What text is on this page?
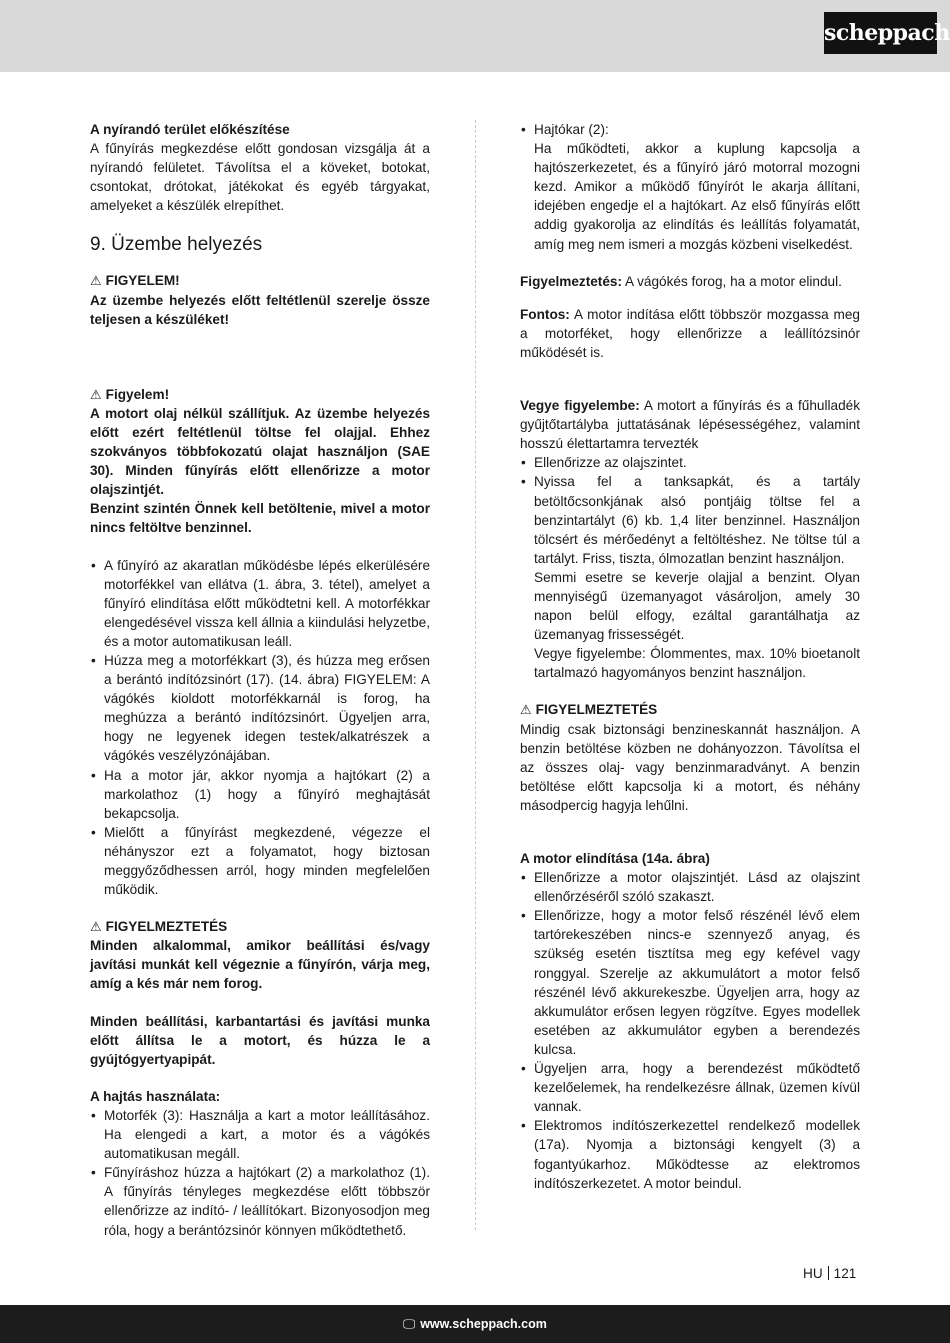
scheppach

A nyírandó terület előkészítése

A fűnyírás megkezdése előtt gondosan vizsgálja át a nyírandó felületet. Távolítsa el a köveket, botokat, csontokat, drótokat, játékokat és egyéb tárgyakat, amelyeket a készülék elrepíthet.

9. Üzembe helyezés

⚠ FIGYELEM!

Az üzembe helyezés előtt feltétlenül szerelje össze teljesen a készüléket!

⚠ Figyelem!

A motort olaj nélkül szállítjuk. Az üzembe helyezés előtt ezért feltétlenül töltse fel olajjal. Ehhez szokványos többfokozatú olajat használjon (SAE 30). Minden fűnyírás előtt ellenőrizze a motor olajszintjét.

Benzint szintén Önnek kell betöltenie, mivel a motor nincs feltöltve benzinnel.

• A fűnyíró az akaratlan működésbe lépés elkerülésére motorfékkel van ellátva (1. ábra, 3. tétel), amelyet a fűnyíró elindítása előtt működtetni kell. A motorfékkar elengedésével vissza kell állnia a kiindulási helyzetbe, és a motor automatikusan leáll.
• Húzza meg a motorfékkart (3), és húzza meg erősen a berántó indítózsinórt (17). (14. ábra) FIGYELEM: A vágókés kioldott motorfékkarnál is forog, ha meghúzza a berántó indítózsinórt. Ügyeljen arra, hogy ne legyenek idegen testek/alkatrészek a vágókés veszélyzónájában.
• Ha a motor jár, akkor nyomja a hajtókart (2) a markolathoz (1) hogy a fűnyíró meghajtását bekapcsolja.
• Mielőtt a fűnyírást megkezdené, végezze el néhányszor ezt a folyamatot, hogy biztosan meggyőződhessen arról, hogy minden megfelelően működik.

⚠ FIGYELMEZTETÉS

Minden alkalommal, amikor beállítási és/vagy javítási munkát kell végeznie a fűnyírón, várja meg, amíg a kés már nem forog.

Minden beállítási, karbantartási és javítási munka előtt állítsa le a motort, és húzza le a gyújtógyertyapipát.

A hajtás használata:

• Motorfék (3): Használja a kart a motor leállításához. Ha elengedi a kart, a motor és a vágókés automatikusan megáll.
• Fűnyíráshoz húzza a hajtókart (2) a markolathoz (1). A fűnyírás tényleges megkezdése előtt többször ellenőrizze az indító- / leállítókart. Bizonyosodjon meg róla, hogy a berántózsinór könnyen működtethető.
• Hajtókar (2):
Ha működteti, akkor a kuplung kapcsolja a hajtószerkezetet, és a fűnyíró járó motorral mozogni kezd. Amikor a működő fűnyírót le akarja állítani, idejében engedje el a hajtókart. Az első fűnyírás előtt addig gyakorolja az elindítás és leállítás folyamatát, amíg meg nem ismeri a mozgás közbeni viselkedést.

Figyelmeztetés: A vágókés forog, ha a motor elindul.

Fontos: A motor indítása előtt többször mozgassa meg a motorféket, hogy ellenőrizze a leállítózsinór működését is.

Vegye figyelembe: A motort a fűnyírás és a fűhulladék gyűjtőtartályba juttatásának lépésességéhez, valamint hosszú élettartamra tervezték

• Ellenőrizze az olajszintet.
• Nyissa fel a tanksapkát, és a tartály betöltőcsonkjának alsó pontjáig töltse fel a benzintartályt (6) kb. 1,4 liter benzinnel. Használjon tölcsért és mérőedényt a feltöltéshez. Ne töltse túl a tartályt. Friss, tiszta, ólmozatlan benzint használjon.
Semmi esetre se keverje olajjal a benzint. Olyan mennyiségű üzemanyagot vásároljon, amely 30 napon belül elfogy, ezáltal garantálhatja az üzemanyag frissességét.
Vegye figyelembe: Ólommentes, max. 10% bioetanolt tartalmazó hagyományos benzint használjon.

⚠ FIGYELMEZTETÉS

Mindig csak biztonsági benzineskannát használjon. A benzin betöltése közben ne dohányozzon. Távolítsa el az összes olaj- vagy benzinmaradványt. A benzin betöltése előtt kapcsolja ki a motort, és néhány másodpercig hagyja lehűlni.

A motor elindítása (14a. ábra)

• Ellenőrizze a motor olajszintjét. Lásd az olajszint ellenőrzéséről szóló szakaszt.
• Ellenőrizze, hogy a motor felső részénél lévő elem tartórekeszében nincs-e szennyező anyag, és szükség esetén tisztítsa meg egy kefével vagy ronggyal. Szerelje az akkumulátort a motor felső részénél lévő akkurekeszbe. Ügyeljen arra, hogy az akkumulátor erősen legyen rögzítve. Egyes modellek esetében az akkumulátor egyben a berendezés kulcsa.
• Ügyeljen arra, hogy a berendezést működtető kezelőelemek, ha rendelkezésre állnak, üzemen kívül vannak.
• Elektromos indítószerkezettel rendelkező modellek (17a). Nyomja a biztonsági kengyelt (3) a fogantyúkarhoz. Működtesse az elektromos indítószerkezetet. A motor beindul.
HU 121
🖵 www.scheppach.com
